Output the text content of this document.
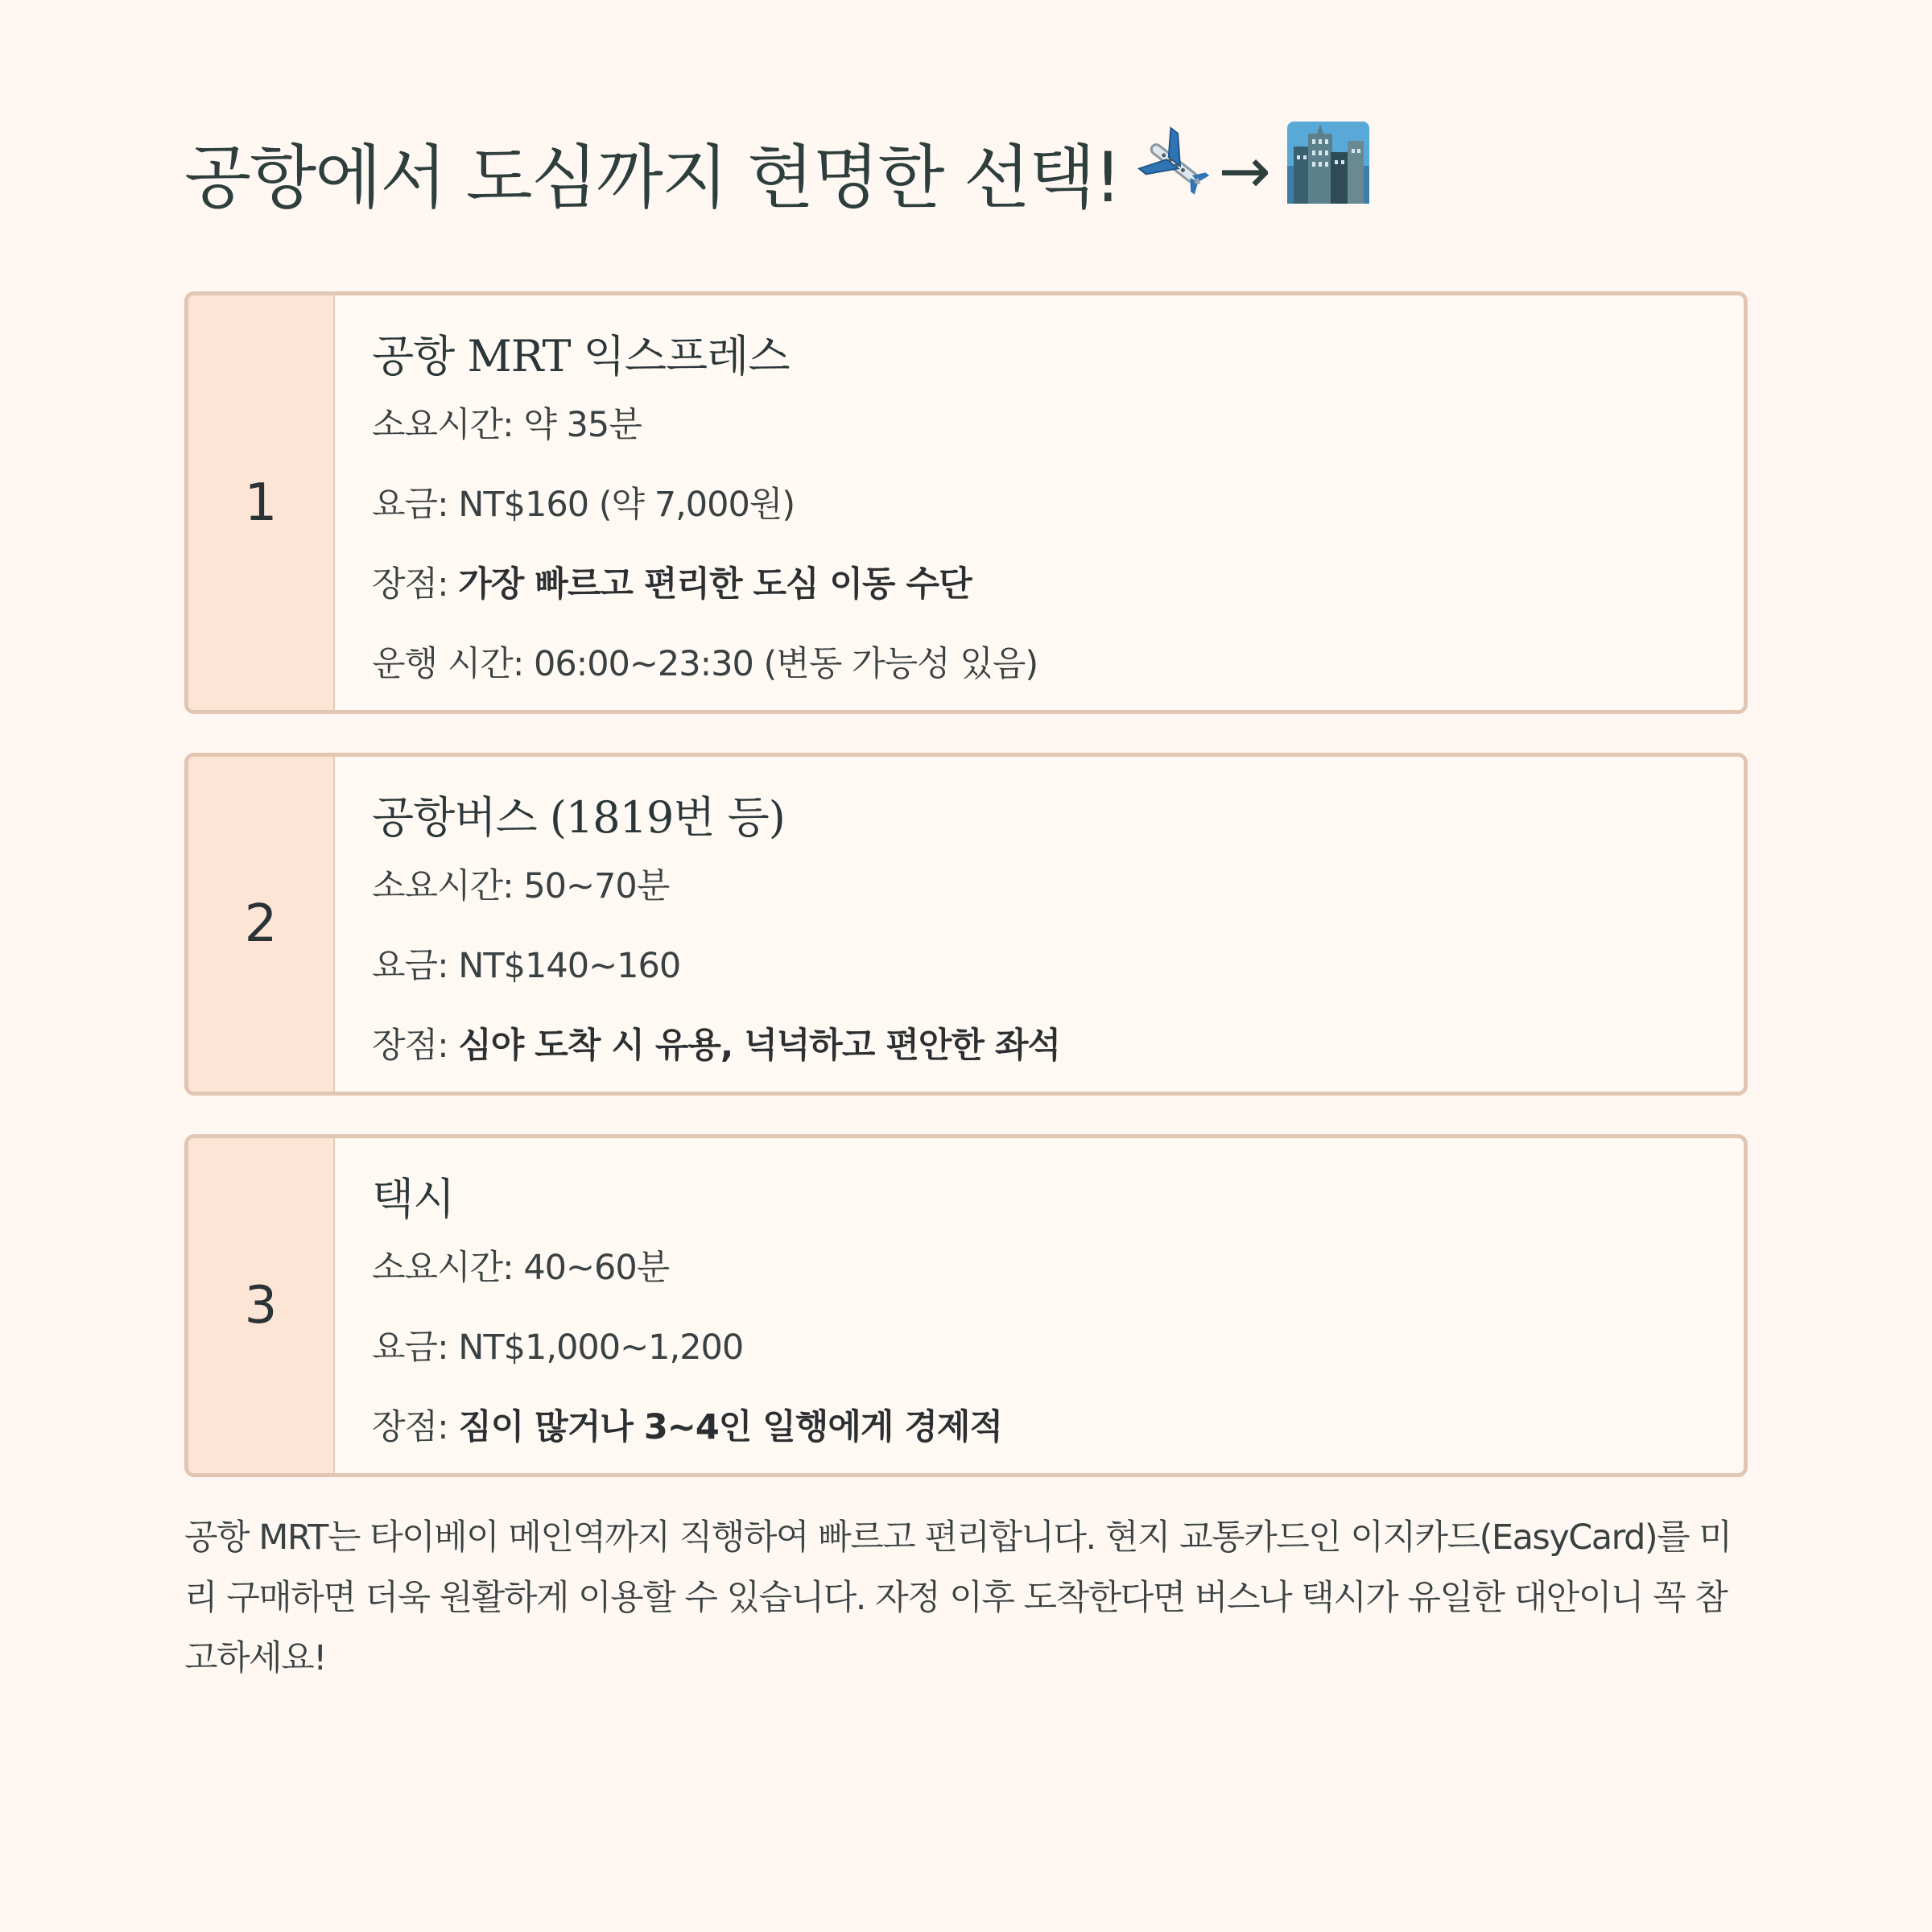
공항에서 도심까지 현명한 선택! →
1
공항 MRT 익스프레스
소요시간: 약 35분
요금: NT$160 (약 7,000원)
장점: 가장 빠르고 편리한 도심 이동 수단
운행 시간: 06:00~23:30 (변동 가능성 있음)
2
공항버스 (1819번 등)
소요시간: 50~70분
요금: NT$140~160
장점: 심야 도착 시 유용, 넉넉하고 편안한 좌석
3
택시
소요시간: 40~60분
요금: NT$1,000~1,200
장점: 짐이 많거나 3~4인 일행에게 경제적

공항 MRT는 타이베이 메인역까지 직행하여 빠르고 편리합니다. 현지 교통카드인 이지카드(EasyCard)를 미리 구매하면 더욱 원활하게 이용할 수 있습니다. 자정 이후 도착한다면 버스나 택시가 유일한 대안이니 꼭 참고하세요!
